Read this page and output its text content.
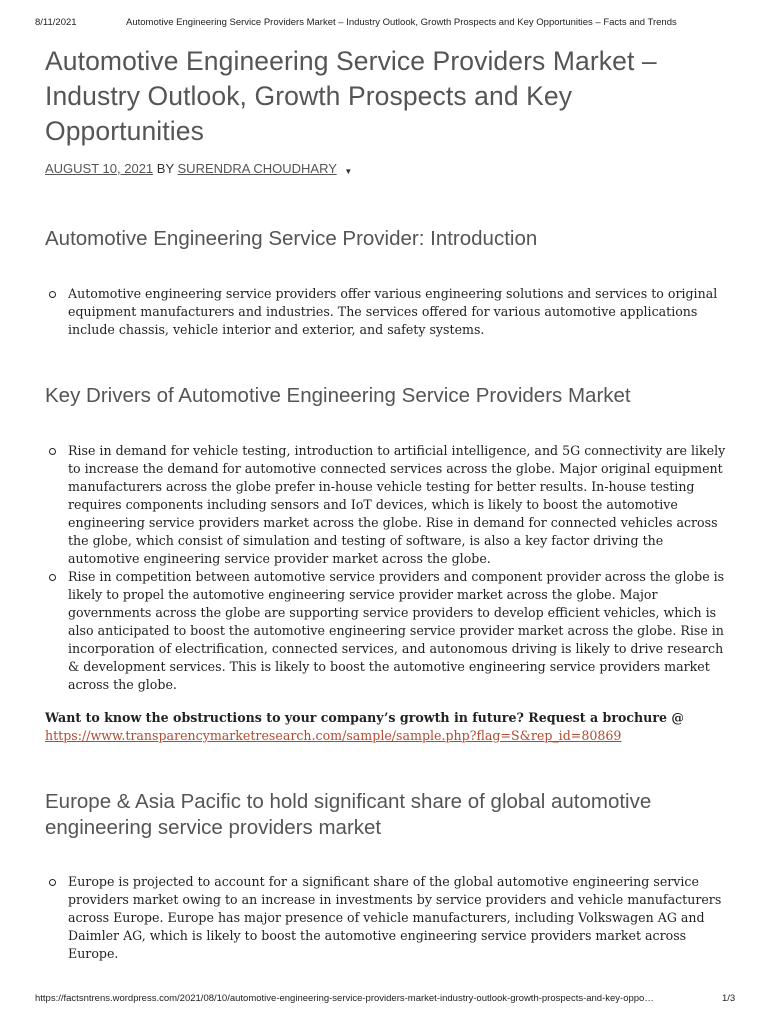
8/11/2021	Automotive Engineering Service Providers Market – Industry Outlook, Growth Prospects and Key Opportunities – Facts and Trends
Automotive Engineering Service Providers Market – Industry Outlook, Growth Prospects and Key Opportunities
AUGUST 10, 2021 BY SURENDRA CHOUDHARY ▼
Automotive Engineering Service Provider: Introduction
Automotive engineering service providers offer various engineering solutions and services to original equipment manufacturers and industries. The services offered for various automotive applications include chassis, vehicle interior and exterior, and safety systems.
Key Drivers of Automotive Engineering Service Providers Market
Rise in demand for vehicle testing, introduction to artificial intelligence, and 5G connectivity are likely to increase the demand for automotive connected services across the globe. Major original equipment manufacturers across the globe prefer in-house vehicle testing for better results. In-house testing requires components including sensors and IoT devices, which is likely to boost the automotive engineering service providers market across the globe. Rise in demand for connected vehicles across the globe, which consist of simulation and testing of software, is also a key factor driving the automotive engineering service provider market across the globe.
Rise in competition between automotive service providers and component provider across the globe is likely to propel the automotive engineering service provider market across the globe. Major governments across the globe are supporting service providers to develop efficient vehicles, which is also anticipated to boost the automotive engineering service provider market across the globe. Rise in incorporation of electrification, connected services, and autonomous driving is likely to drive research & development services. This is likely to boost the automotive engineering service providers market across the globe.
Want to know the obstructions to your company’s growth in future? Request a brochure @
https://www.transparencymarketresearch.com/sample/sample.php?flag=S&rep_id=80869
Europe & Asia Pacific to hold significant share of global automotive engineering service providers market
Europe is projected to account for a significant share of the global automotive engineering service providers market owing to an increase in investments by service providers and vehicle manufacturers across Europe. Europe has major presence of vehicle manufacturers, including Volkswagen AG and Daimler AG, which is likely to boost the automotive engineering service providers market across Europe.
https://factsntrens.wordpress.com/2021/08/10/automotive-engineering-service-providers-market-industry-outlook-growth-prospects-and-key-oppo…	1/3
